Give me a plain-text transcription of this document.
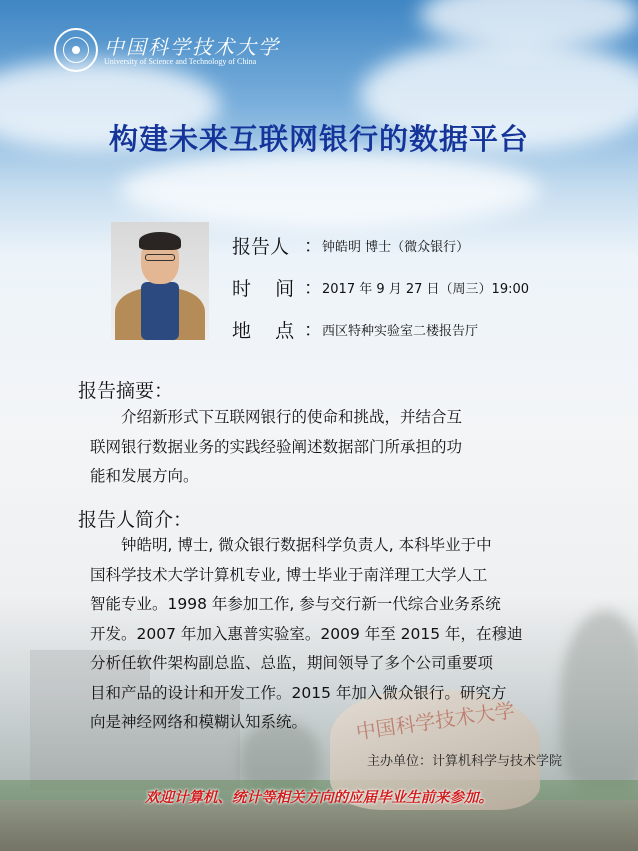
中国科学技术大学
中国科学技术大学
University of Science and Technology of China
构建未来互联网银行的数据平台
报告人 ： 钟皓明 博士（微众银行）
时    间 ： 2017 年 9 月 27 日（周三）19:00
地    点 ： 西区特种实验室二楼报告厅
报告摘要：

介绍新形式下互联网银行的使命和挑战，并结合互

联网银行数据业务的实践经验阐述数据部门所承担的功

能和发展方向。

报告人简介：

钟皓明, 博士, 微众银行数据科学负责人, 本科毕业于中

国科学技术大学计算机专业, 博士毕业于南洋理工大学人工

智能专业。1998 年参加工作, 参与交行新一代综合业务系统

开发。2007 年加入惠普实验室。2009 年至 2015 年，在穆迪

分析任软件架构副总监、总监，期间领导了多个公司重要项

目和产品的设计和开发工作。2015 年加入微众银行。研究方

向是神经网络和模糊认知系统。

主办单位：计算机科学与技术学院
欢迎计算机、统计等相关方向的应届毕业生前来参加。
